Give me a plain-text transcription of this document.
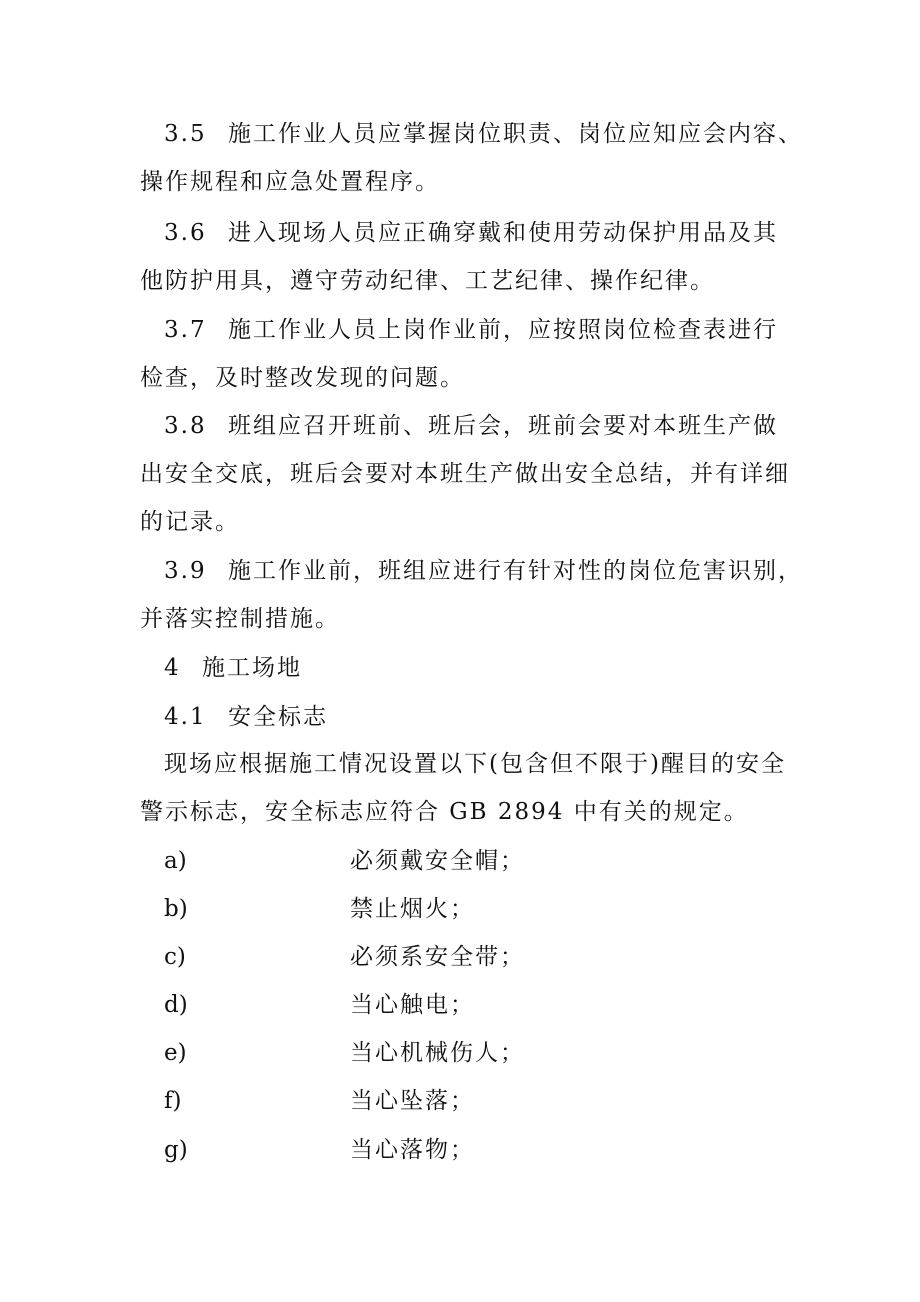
3.5 施工作业人员应掌握岗位职责、岗位应知应会内容、
操作规程和应急处置程序。
3.6 进入现场人员应正确穿戴和使用劳动保护用品及其
他防护用具，遵守劳动纪律、工艺纪律、操作纪律。
3.7 施工作业人员上岗作业前，应按照岗位检查表进行
检查，及时整改发现的问题。
3.8 班组应召开班前、班后会，班前会要对本班生产做
出安全交底，班后会要对本班生产做出安全总结，并有详细
的记录。
3.9 施工作业前，班组应进行有针对性的岗位危害识别，
并落实控制措施。
4 施工场地
4.1 安全标志
现场应根据施工情况设置以下(包含但不限于)醒目的安全
警示标志，安全标志应符合 GB 2894 中有关的规定。
a)	必须戴安全帽；
b)	禁止烟火；
c)	必须系安全带；
d)	当心触电；
e)	当心机械伤人；
f)	当心坠落；
g)	当心落物；
